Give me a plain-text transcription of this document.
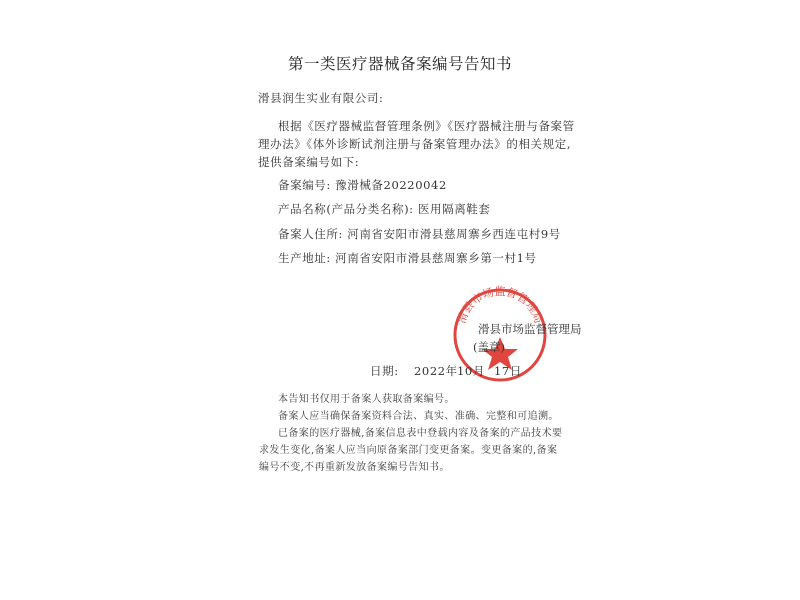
第一类医疗器械备案编号告知书
滑县润生实业有限公司:
根据《医疗器械监督管理条例》《医疗器械注册与备案管
理办法》《体外诊断试剂注册与备案管理办法》的相关规定,
提供备案编号如下:
备案编号: 豫滑械备20220042
产品名称(产品分类名称): 医用隔离鞋套
备案人住所: 河南省安阳市滑县慈周寨乡西连屯村9号
生产地址: 河南省安阳市滑县慈周寨乡第一村1号
滑县市场监督管理局
滑县市场监督管理局
(盖章)
日期: 2022年 10月 17日
本告知书仅用于备案人获取备案编号。
备案人应当确保备案资料合法、真实、准确、完整和可追溯。
已备案的医疗器械,备案信息表中登载内容及备案的产品技术要
求发生变化,备案人应当向原备案部门变更备案。变更备案的,备案
编号不变,不再重新发放备案编号告知书。
